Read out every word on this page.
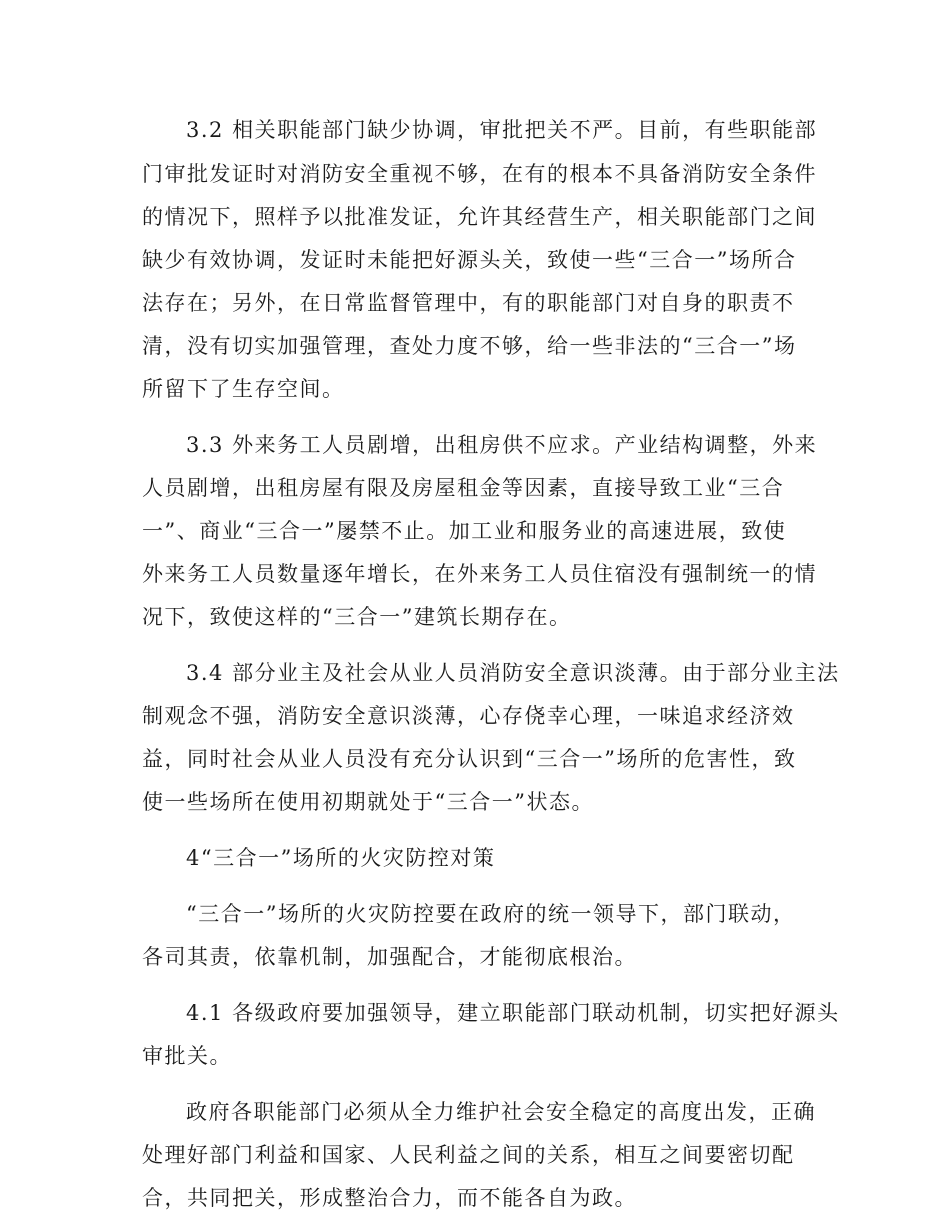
3.2 相关职能部门缺少协调，审批把关不严。目前，有些职能部
门审批发证时对消防安全重视不够，在有的根本不具备消防安全条件
的情况下，照样予以批准发证，允许其经营生产，相关职能部门之间
缺少有效协调，发证时未能把好源头关，致使一些“三合一”场所合
法存在；另外，在日常监督管理中，有的职能部门对自身的职责不
清，没有切实加强管理，查处力度不够，给一些非法的“三合一”场
所留下了生存空间。
3.3 外来务工人员剧增，出租房供不应求。产业结构调整，外来
人员剧增，出租房屋有限及房屋租金等因素，直接导致工业“三合
一”、商业“三合一”屡禁不止。加工业和服务业的高速进展，致使
外来务工人员数量逐年增长，在外来务工人员住宿没有强制统一的情
况下，致使这样的“三合一”建筑长期存在。
3.4 部分业主及社会从业人员消防安全意识淡薄。由于部分业主法
制观念不强，消防安全意识淡薄，心存侥幸心理，一味追求经济效
益，同时社会从业人员没有充分认识到“三合一”场所的危害性，致
使一些场所在使用初期就处于“三合一”状态。
4“三合一”场所的火灾防控对策
“三合一”场所的火灾防控要在政府的统一领导下，部门联动，
各司其责，依靠机制，加强配合，才能彻底根治。
4.1 各级政府要加强领导，建立职能部门联动机制，切实把好源头
审批关。
政府各职能部门必须从全力维护社会安全稳定的高度出发，正确
处理好部门利益和国家、人民利益之间的关系，相互之间要密切配
合，共同把关，形成整治合力，而不能各自为政。
